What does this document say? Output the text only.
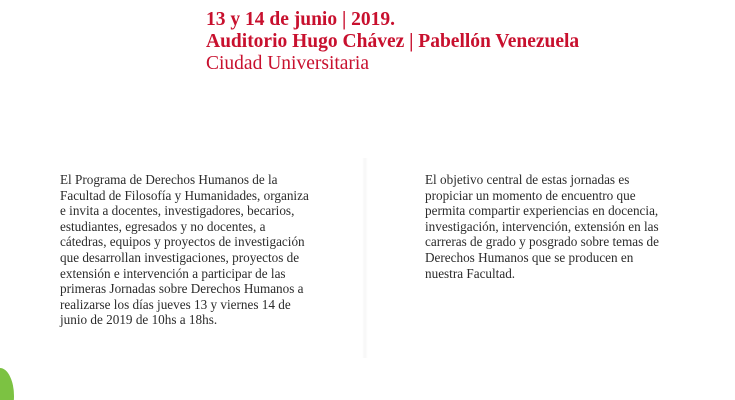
13 y 14 de junio | 2019.
Auditorio Hugo Chávez | Pabellón Venezuela
Ciudad Universitaria
El Programa de Derechos Humanos de la
Facultad de Filosofía y Humanidades, organiza
e invita a docentes, investigadores, becarios,
estudiantes, egresados y no docentes, a
cátedras, equipos y proyectos de investigación
que desarrollan investigaciones, proyectos de
extensión e intervención a participar de las
primeras Jornadas sobre Derechos Humanos a
realizarse los días jueves 13 y viernes 14 de
junio de 2019 de 10hs a 18hs.
El objetivo central de estas jornadas es
propiciar un momento de encuentro que
permita compartir experiencias en docencia,
investigación, intervención, extensión en las
carreras de grado y posgrado sobre temas de
Derechos Humanos que se producen en
nuestra Facultad.
